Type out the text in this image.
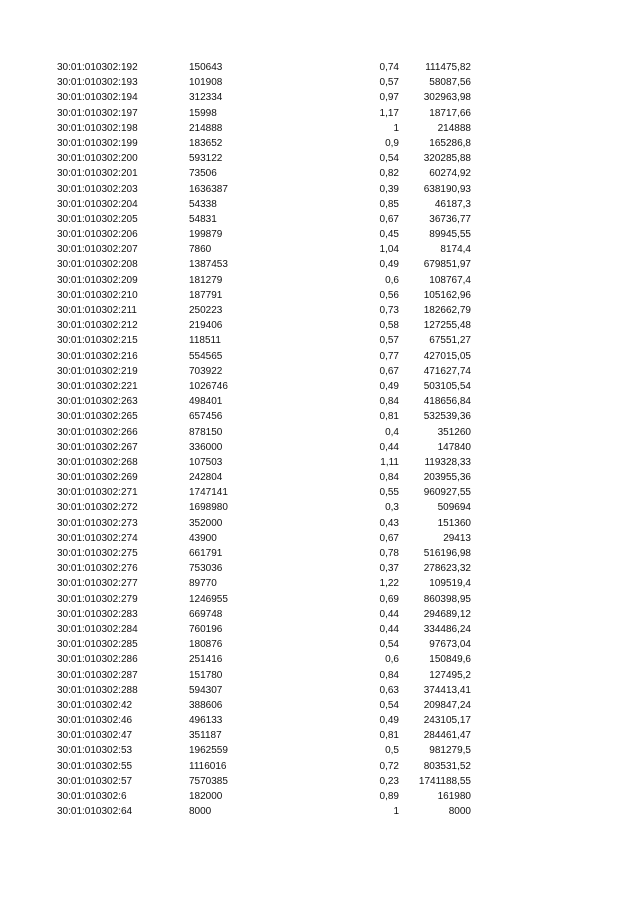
30:01:010302:192	150643	0,74	111475,82
30:01:010302:193	101908	0,57	58087,56
30:01:010302:194	312334	0,97 302963,98
30:01:010302:197	15998	1,17	18717,66
30:01:010302:198	214888	1	214888
30:01:010302:199	183652	0,9	165286,8
30:01:010302:200	593122	0,54 320285,88
30:01:010302:201	73506	0,82	60274,92
30:01:010302:203	1636387	0,39 638190,93
30:01:010302:204	54338	0,85	46187,3
30:01:010302:205	54831	0,67	36736,77
30:01:010302:206	199879	0,45	89945,55
30:01:010302:207	7860	1,04	8174,4
30:01:010302:208	1387453	0,49 679851,97
30:01:010302:209	181279	0,6	108767,4
30:01:010302:210	187791	0,56 105162,96
30:01:010302:211	250223	0,73 182662,79
30:01:010302:212	219406	0,58 127255,48
30:01:010302:215	118511	0,57	67551,27
30:01:010302:216	554565	0,77 427015,05
30:01:010302:219	703922	0,67 471627,74
30:01:010302:221	1026746	0,49 503105,54
30:01:010302:263	498401	0,84 418656,84
30:01:010302:265	657456	0,81 532539,36
30:01:010302:266	878150	0,4	351260
30:01:010302:267	336000	0,44	147840
30:01:010302:268	107503	1,11	119328,33
30:01:010302:269	242804	0,84 203955,36
30:01:010302:271	1747141	0,55 960927,55
30:01:010302:272	1698980	0,3	509694
30:01:010302:273	352000	0,43	151360
30:01:010302:274	43900	0,67	29413
30:01:010302:275	661791	0,78 516196,98
30:01:010302:276	753036	0,37 278623,32
30:01:010302:277	89770	1,22	109519,4
30:01:010302:279	1246955	0,69 860398,95
30:01:010302:283	669748	0,44 294689,12
30:01:010302:284	760196	0,44 334486,24
30:01:010302:285	180876	0,54	97673,04
30:01:010302:286	251416	0,6	150849,6
30:01:010302:287	151780	0,84	127495,2
30:01:010302:288	594307	0,63 374413,41
30:01:010302:42	388606	0,54 209847,24
30:01:010302:46	496133	0,49 243105,17
30:01:010302:47	351187	0,81 284461,47
30:01:010302:53	1962559	0,5	981279,5
30:01:010302:55	1116016	0,72 803531,52
30:01:010302:57	7570385	0,23 1741188,55
30:01:010302:6	182000	0,89	161980
30:01:010302:64	8000	1	8000
